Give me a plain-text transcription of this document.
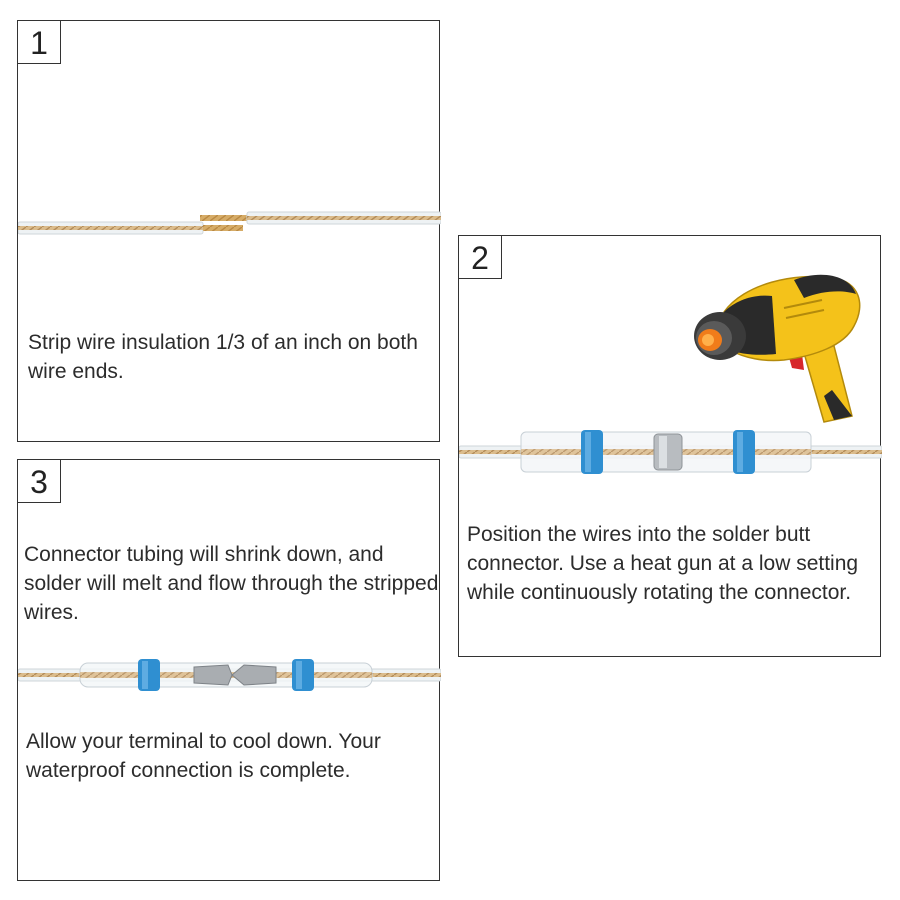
1

Strip wire insulation 1/3 of an inch on both wire ends.

2

Position the wires into the solder butt connector. Use a heat gun at a low setting while continuously rotating the connector.

3

Connector tubing will shrink down, and solder will melt and flow through the stripped wires.

Allow your terminal to cool down. Your waterproof connection is complete.
